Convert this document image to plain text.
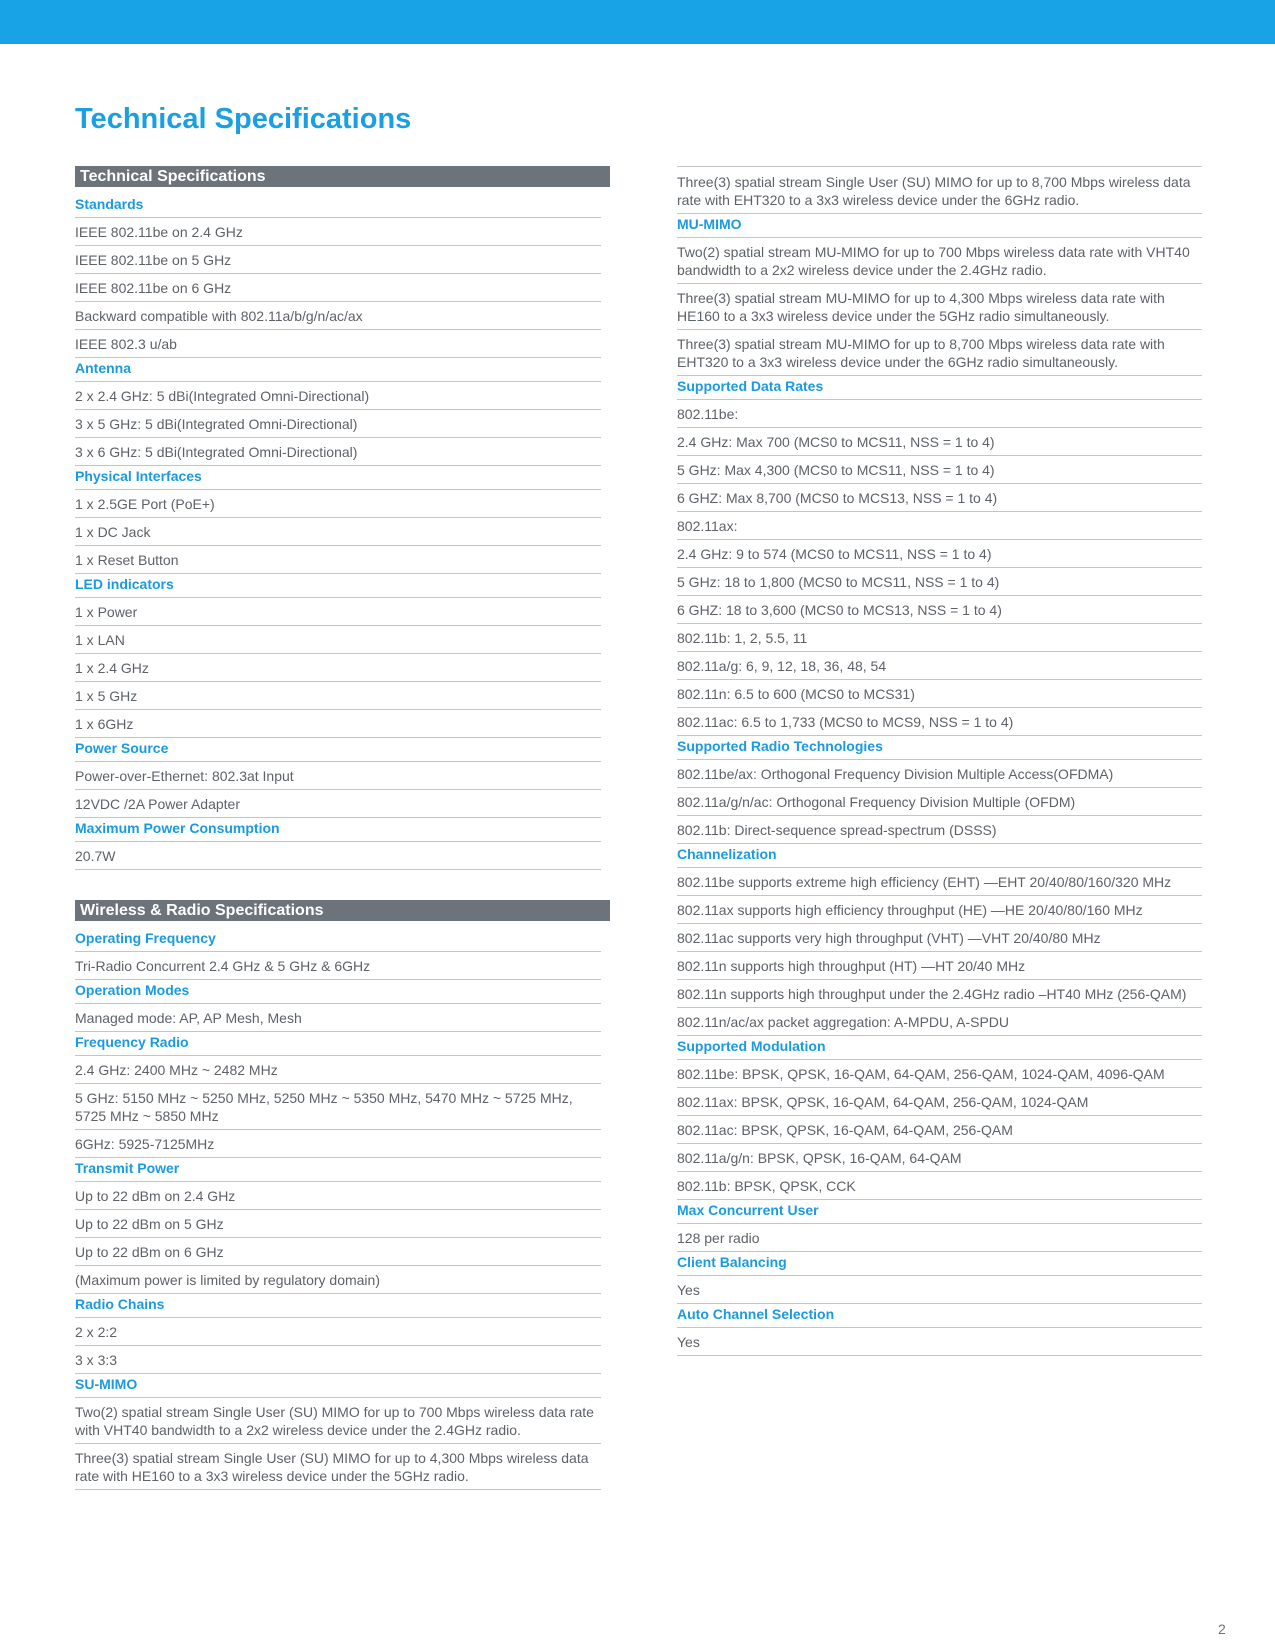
Technical Specifications
Technical Specifications
Standards
IEEE 802.11be on 2.4 GHz
IEEE 802.11be on 5 GHz
IEEE 802.11be on 6 GHz
Backward compatible with 802.11a/b/g/n/ac/ax
IEEE 802.3 u/ab
Antenna
2 x 2.4 GHz: 5 dBi(Integrated Omni-Directional)
3 x 5 GHz: 5 dBi(Integrated Omni-Directional)
3 x 6 GHz: 5 dBi(Integrated Omni-Directional)
Physical Interfaces
1 x 2.5GE Port (PoE+)
1 x DC Jack
1 x Reset Button
LED indicators
1 x Power
1 x LAN
1 x 2.4 GHz
1 x 5 GHz
1 x 6GHz
Power Source
Power-over-Ethernet: 802.3at Input
12VDC /2A Power Adapter
Maximum Power Consumption
20.7W
Wireless & Radio Specifications
Operating Frequency
Tri-Radio Concurrent 2.4 GHz & 5 GHz & 6GHz
Operation Modes
Managed mode: AP, AP Mesh, Mesh
Frequency Radio
2.4 GHz: 2400 MHz ~ 2482 MHz
5 GHz: 5150 MHz ~ 5250 MHz, 5250 MHz ~ 5350 MHz, 5470 MHz ~ 5725 MHz, 5725 MHz ~ 5850 MHz
6GHz: 5925-7125MHz
Transmit Power
Up to 22 dBm on 2.4 GHz
Up to 22 dBm on 5 GHz
Up to 22 dBm on 6 GHz
(Maximum power is limited by regulatory domain)
Radio Chains
2 x 2:2
3 x 3:3
SU-MIMO
Two(2) spatial stream Single User (SU) MIMO for up to 700 Mbps wireless data rate with VHT40 bandwidth to a 2x2 wireless device under the 2.4GHz radio.
Three(3) spatial stream Single User (SU) MIMO for up to 4,300 Mbps wireless data rate with HE160 to a 3x3 wireless device under the 5GHz radio.
Three(3) spatial stream Single User (SU) MIMO for up to 8,700 Mbps wireless data rate with EHT320 to a 3x3 wireless device under the 6GHz radio.
MU-MIMO
Two(2) spatial stream MU-MIMO for up to 700 Mbps wireless data rate with VHT40 bandwidth to a 2x2 wireless device under the 2.4GHz radio.
Three(3) spatial stream MU-MIMO for up to 4,300 Mbps wireless data rate with HE160 to a 3x3 wireless device under the 5GHz radio simultaneously.
Three(3) spatial stream MU-MIMO for up to 8,700 Mbps wireless data rate with EHT320 to a 3x3 wireless device under the 6GHz radio simultaneously.
Supported Data Rates
802.11be:
2.4 GHz: Max 700 (MCS0 to MCS11, NSS = 1 to 4)
5 GHz: Max 4,300 (MCS0 to MCS11, NSS = 1 to 4)
6 GHZ: Max 8,700 (MCS0 to MCS13, NSS = 1 to 4)
802.11ax:
2.4 GHz: 9 to 574 (MCS0 to MCS11, NSS = 1 to 4)
5 GHz: 18 to 1,800 (MCS0 to MCS11, NSS = 1 to 4)
6 GHZ: 18 to 3,600 (MCS0 to MCS13, NSS = 1 to 4)
802.11b: 1, 2, 5.5, 11
802.11a/g: 6, 9, 12, 18, 36, 48, 54
802.11n: 6.5 to 600 (MCS0 to MCS31)
802.11ac: 6.5 to 1,733 (MCS0 to MCS9, NSS = 1 to 4)
Supported Radio Technologies
802.11be/ax: Orthogonal Frequency Division Multiple Access(OFDMA)
802.11a/g/n/ac: Orthogonal Frequency Division Multiple (OFDM)
802.11b: Direct-sequence spread-spectrum (DSSS)
Channelization
802.11be supports extreme high efficiency (EHT) —EHT 20/40/80/160/320 MHz
802.11ax supports high efficiency throughput (HE) —HE 20/40/80/160 MHz
802.11ac supports very high throughput (VHT) —VHT 20/40/80 MHz
802.11n supports high throughput (HT) —HT 20/40 MHz
802.11n supports high throughput under the 2.4GHz radio –HT40 MHz (256-QAM)
802.11n/ac/ax packet aggregation: A-MPDU, A-SPDU
Supported Modulation
802.11be: BPSK, QPSK, 16-QAM, 64-QAM, 256-QAM, 1024-QAM, 4096-QAM
802.11ax: BPSK, QPSK, 16-QAM, 64-QAM, 256-QAM, 1024-QAM
802.11ac: BPSK, QPSK, 16-QAM, 64-QAM, 256-QAM
802.11a/g/n: BPSK, QPSK, 16-QAM, 64-QAM
802.11b: BPSK, QPSK, CCK
Max Concurrent User
128 per radio
Client Balancing
Yes
Auto Channel Selection
Yes
2
